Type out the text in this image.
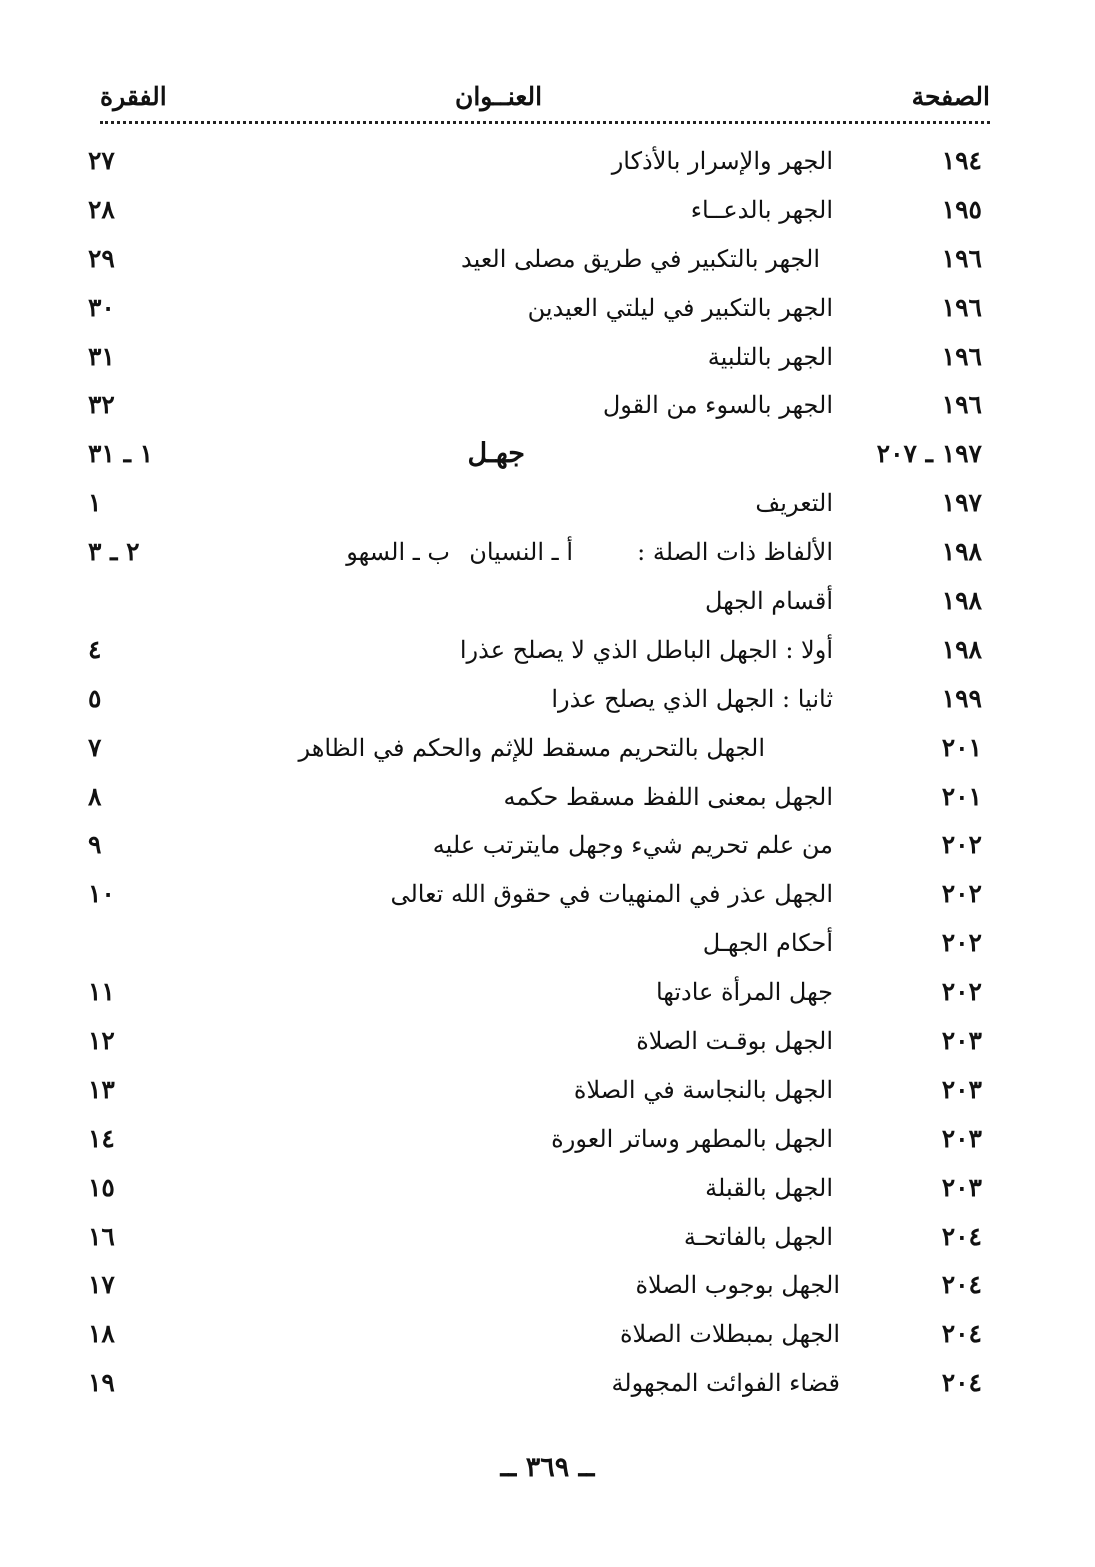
الصفحة
العنــوان
الفقرة
١٩٤
الجهر والإسرار بالأذكار
٢٧
١٩٥
الجهر بالدعــاء
٢٨
١٩٦
الجهر بالتكبير في طريق مصلى العيد
٢٩
١٩٦
الجهر بالتكبير في ليلتي العيدين
٣٠
١٩٦
الجهر بالتلبية
٣١
١٩٦
الجهر بالسوء من القول
٣٢
١٩٧ ـ ٢٠٧
جهـل
١ ـ ٣١
١٩٧
التعريف
١
١٩٨
الألفاظ ذات الصلة :
أ ـ النسيان
ب ـ السهو
٢ ـ ٣
١٩٨
أقسام الجهل
١٩٨
أولا : الجهل الباطل الذي لا يصلح عذرا
٤
١٩٩
ثانيا : الجهل الذي يصلح عذرا
٥
٢٠١
الجهل بالتحريم مسقط للإثم والحكم في الظاهر
٧
٢٠١
الجهل بمعنى اللفظ مسقط حكمه
٨
٢٠٢
من علم تحريم شيء وجهل مايترتب عليه
٩
٢٠٢
الجهل عذر في المنهيات في حقوق الله تعالى
١٠
٢٠٢
أحكام الجهـل
٢٠٢
جهل المرأة عادتها
١١
٢٠٣
الجهل بوقـت الصلاة
١٢
٢٠٣
الجهل بالنجاسة في الصلاة
١٣
٢٠٣
الجهل بالمطهر وساتر العورة
١٤
٢٠٣
الجهل بالقبلة
١٥
٢٠٤
الجهل بالفاتحـة
١٦
٢٠٤
الجهل بوجوب الصلاة
١٧
٢٠٤
الجهل بمبطلات الصلاة
١٨
٢٠٤
قضاء الفوائت المجهولة
١٩
ــ ٣٦٩ ــ
